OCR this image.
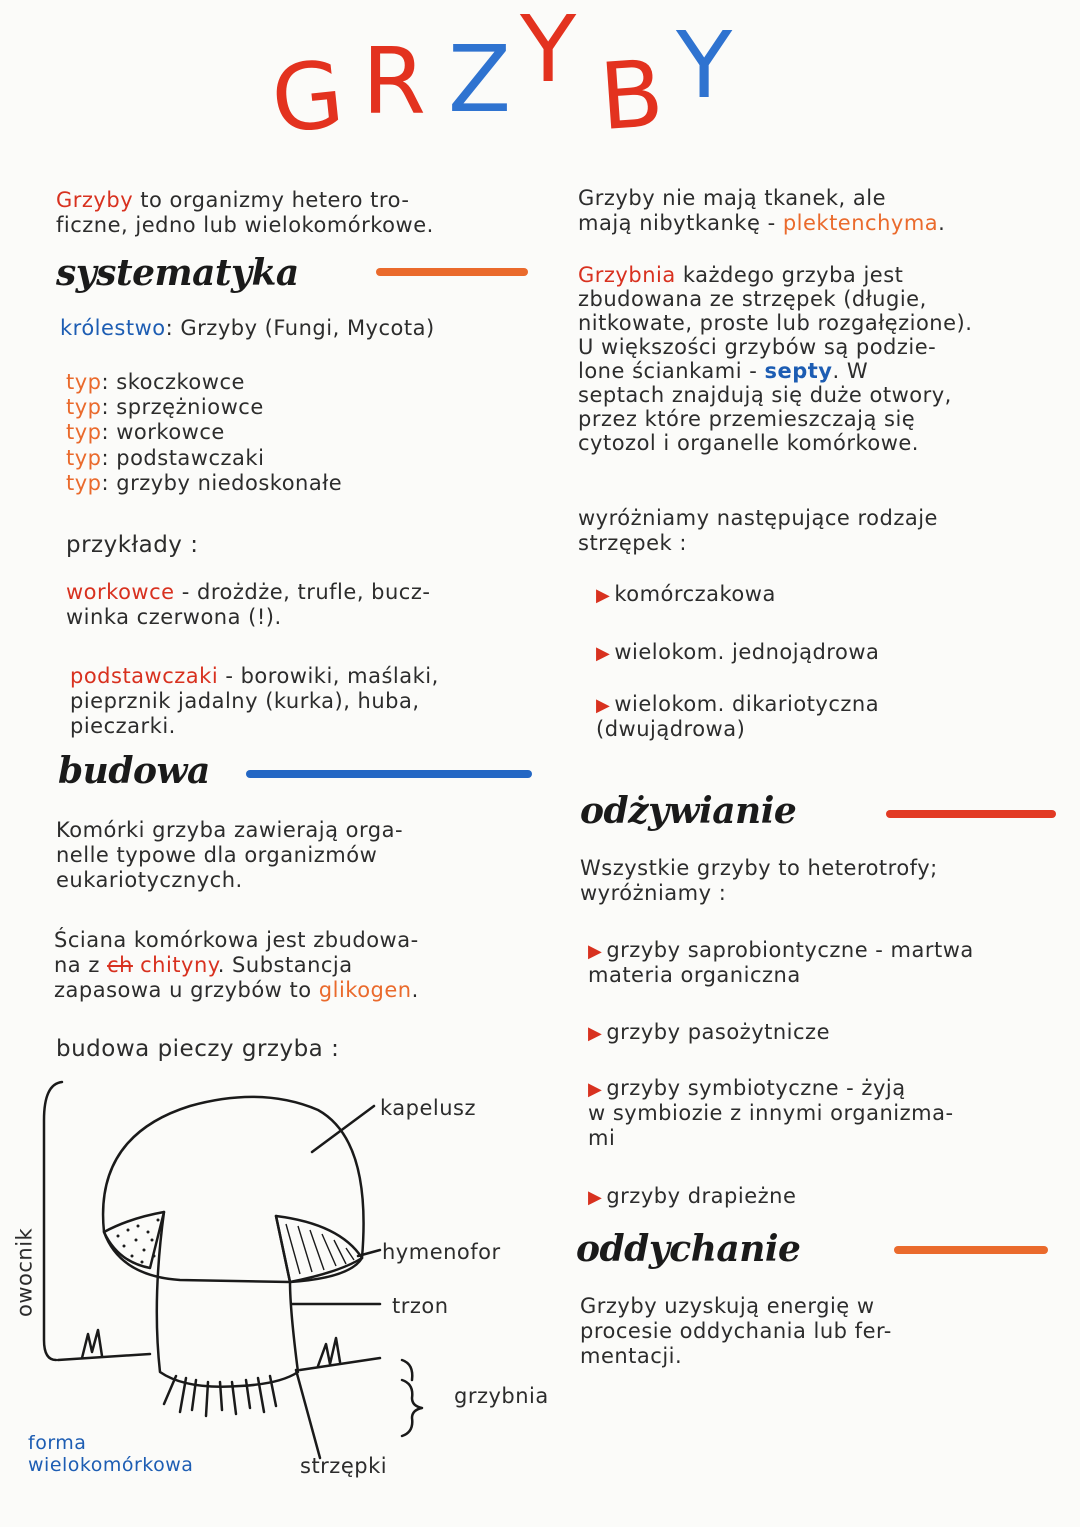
G R Z Y B Y
Grzyby to organizmy hetero tro-
ficzne, jedno lub wielokomórkowe.
systematyka
królestwo: Grzyby (Fungi, Mycota)
typ: skoczkowce
typ: sprzężniowce
typ: workowce
typ: podstawczaki
typ: grzyby niedoskonałe
przykłady :
workowce - drożdże, trufle, bucz-
winka czerwona (!).
podstawczaki - borowiki, maślaki,
pieprznik jadalny (kurka), huba,
pieczarki.
budowa
Komórki grzyba zawierają orga-
nelle typowe dla organizmów
eukariotycznych.
Ściana komórkowa jest zbudowa-
na z ch chityny. Substancja
zapasowa u grzybów to glikogen.
budowa pieczy grzyba :
kapelusz
hymenofor
trzon
grzybnia
strzępki
owocnik
forma
wielokomórkowa
Grzyby nie mają tkanek, ale
mają nibytkankę - plektenchyma.
Grzybnia każdego grzyba jest
zbudowana ze strzępek (długie,
nitkowate, proste lub rozgałęzione).
U większości grzybów są podzie-
lone ściankami - septy. W
septach znajdują się duże otwory,
przez które przemieszczają się
cytozol i organelle komórkowe.
wyróżniamy następujące rodzaje
strzępek :
▶ komórczakowa
▶ wielokom. jednojądrowa
▶ wielokom. dikariotyczna
(dwujądrowa)
odżywianie
Wszystkie grzyby to heterotrofy;
wyróżniamy :
▶ grzyby saprobiontyczne - martwa
materia organiczna
▶ grzyby pasożytnicze
▶ grzyby symbiotyczne - żyją
w symbiozie z innymi organizma-
mi
▶ grzyby drapieżne
oddychanie
Grzyby uzyskują energię w
procesie oddychania lub fer-
mentacji.
